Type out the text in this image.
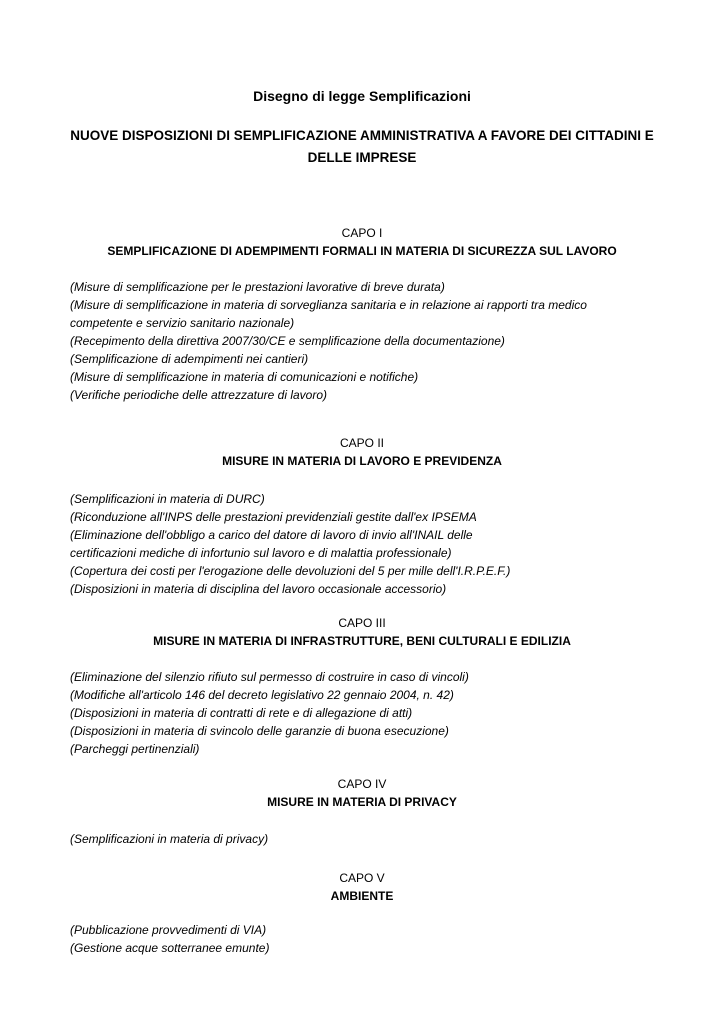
Disegno di legge Semplificazioni
NUOVE DISPOSIZIONI DI SEMPLIFICAZIONE AMMINISTRATIVA A FAVORE DEI CITTADINI E DELLE IMPRESE
CAPO I
SEMPLIFICAZIONE DI ADEMPIMENTI FORMALI IN MATERIA DI SICUREZZA SUL LAVORO
(Misure di semplificazione per le prestazioni lavorative di breve durata)
(Misure di semplificazione in materia di sorveglianza sanitaria e in relazione ai rapporti tra medico
competente e servizio sanitario nazionale)
(Recepimento della direttiva 2007/30/CE e semplificazione della documentazione)
(Semplificazione di adempimenti nei cantieri)
(Misure di semplificazione in materia di comunicazioni e notifiche)
(Verifiche periodiche delle attrezzature di lavoro)
CAPO II
MISURE IN MATERIA DI LAVORO E PREVIDENZA
(Semplificazioni in materia di DURC)
(Riconduzione all'INPS delle prestazioni previdenziali gestite dall'ex IPSEMA
(Eliminazione dell'obbligo a carico del datore di lavoro di invio all'INAIL delle
certificazioni mediche di infortunio sul lavoro e di malattia professionale)
(Copertura dei costi per l'erogazione delle devoluzioni del 5 per mille dell'I.R.P.E.F.)
(Disposizioni in materia di disciplina del lavoro occasionale accessorio)
CAPO III
MISURE IN MATERIA DI INFRASTRUTTURE, BENI CULTURALI E EDILIZIA
(Eliminazione del silenzio rifiuto sul permesso di costruire in caso di vincoli)
(Modifiche all'articolo 146 del decreto legislativo 22 gennaio 2004, n. 42)
(Disposizioni in materia di contratti di rete e di allegazione di atti)
(Disposizioni in materia di svincolo delle garanzie di buona esecuzione)
(Parcheggi pertinenziali)
CAPO IV
MISURE IN MATERIA DI PRIVACY
(Semplificazioni in materia di privacy)
CAPO V
AMBIENTE
(Pubblicazione provvedimenti di VIA)
(Gestione acque sotterranee emunte)
